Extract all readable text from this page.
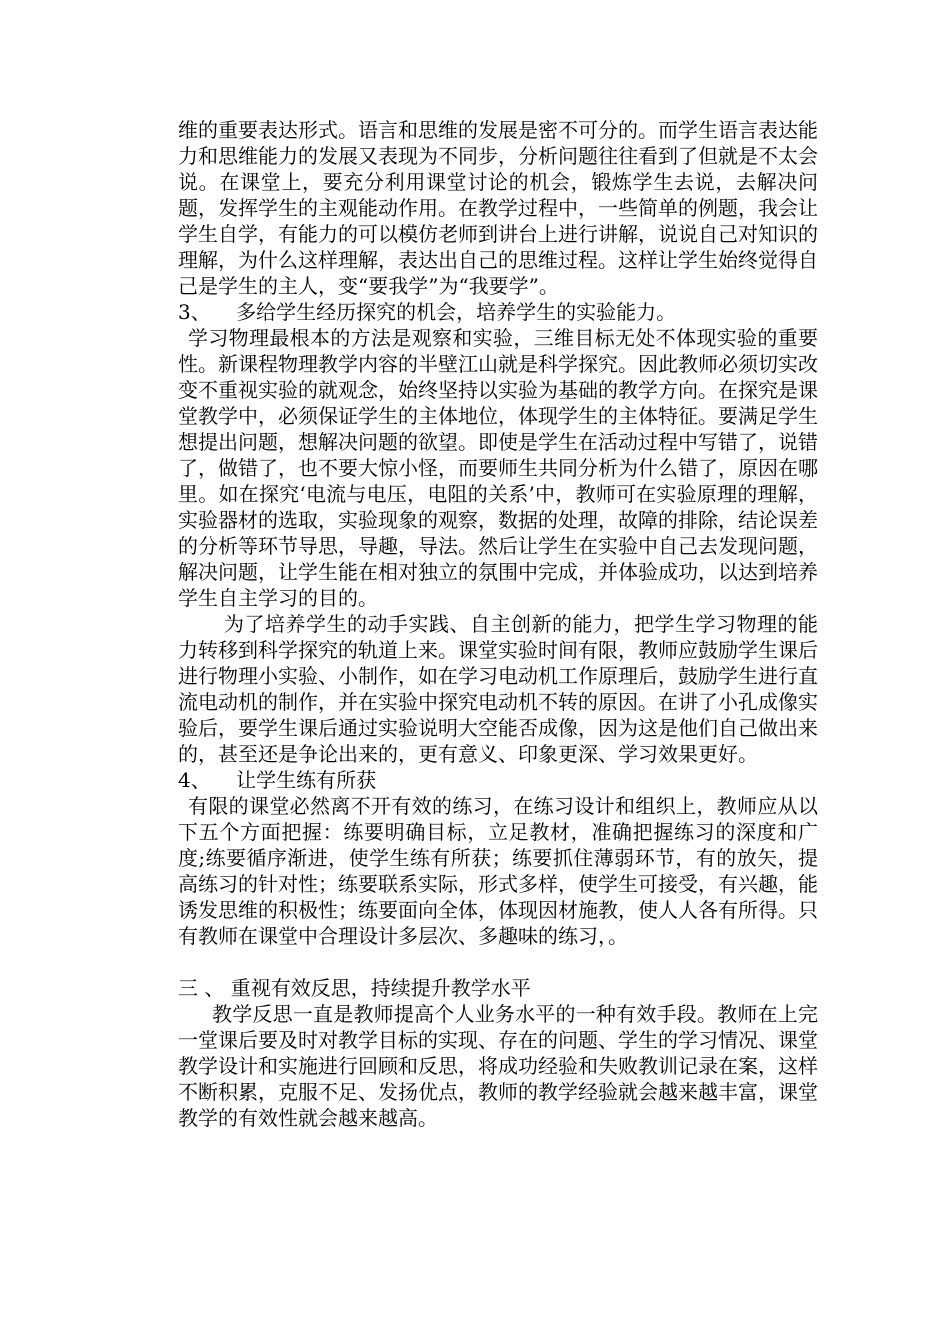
维的重要表达形式。语言和思维的发展是密不可分的。而学生语言表达能力和思维能力的发展又表现为不同步，分析问题往往看到了但就是不太会说。在课堂上，要充分利用课堂讨论的机会，锻炼学生去说，去解决问题，发挥学生的主观能动作用。在教学过程中，一些简单的例题，我会让学生自学，有能力的可以模仿老师到讲台上进行讲解，说说自己对知识的理解，为什么这样理解，表达出自己的思维过程。这样让学生始终觉得自己是学生的主人，变“要我学”为“我要学”。

3、    多给学生经历探究的机会，培养学生的实验能力。

学习物理最根本的方法是观察和实验，三维目标无处不体现实验的重要性。新课程物理教学内容的半壁江山就是科学探究。因此教师必须切实改变不重视实验的就观念，始终坚持以实验为基础的教学方向。在探究是课堂教学中，必须保证学生的主体地位，体现学生的主体特征。要满足学生想提出问题，想解决问题的欲望。即使是学生在活动过程中写错了，说错了，做错了，也不要大惊小怪，而要师生共同分析为什么错了，原因在哪里。如在探究‘电流与电压，电阻的关系’中，教师可在实验原理的理解，实验器材的选取，实验现象的观察，数据的处理，故障的排除，结论误差的分析等环节导思，导趣，导法。然后让学生在实验中自己去发现问题，解决问题，让学生能在相对独立的氛围中完成，并体验成功，以达到培养学生自主学习的目的。

为了培养学生的动手实践、自主创新的能力，把学生学习物理的能力转移到科学探究的轨道上来。课堂实验时间有限，教师应鼓励学生课后进行物理小实验、小制作，如在学习电动机工作原理后，鼓励学生进行直流电动机的制作，并在实验中探究电动机不转的原因。在讲了小孔成像实验后，要学生课后通过实验说明大空能否成像，因为这是他们自己做出来的，甚至还是争论出来的，更有意义、印象更深、学习效果更好。

4、    让学生练有所获

有限的课堂必然离不开有效的练习，在练习设计和组织上，教师应从以下五个方面把握：练要明确目标，立足教材，准确把握练习的深度和广度;练要循序渐进，使学生练有所获；练要抓住薄弱环节，有的放矢，提高练习的针对性；练要联系实际，形式多样，使学生可接受，有兴趣，能诱发思维的积极性；练要面向全体，体现因材施教，使人人各有所得。只有教师在课堂中合理设计多层次、多趣味的练习，。

三 、 重视有效反思，持续提升教学水平

教学反思一直是教师提高个人业务水平的一种有效手段。教师在上完一堂课后要及时对教学目标的实现、存在的问题、学生的学习情况、课堂教学设计和实施进行回顾和反思，将成功经验和失败教训记录在案，这样不断积累，克服不足、发扬优点，教师的教学经验就会越来越丰富，课堂教学的有效性就会越来越高。
